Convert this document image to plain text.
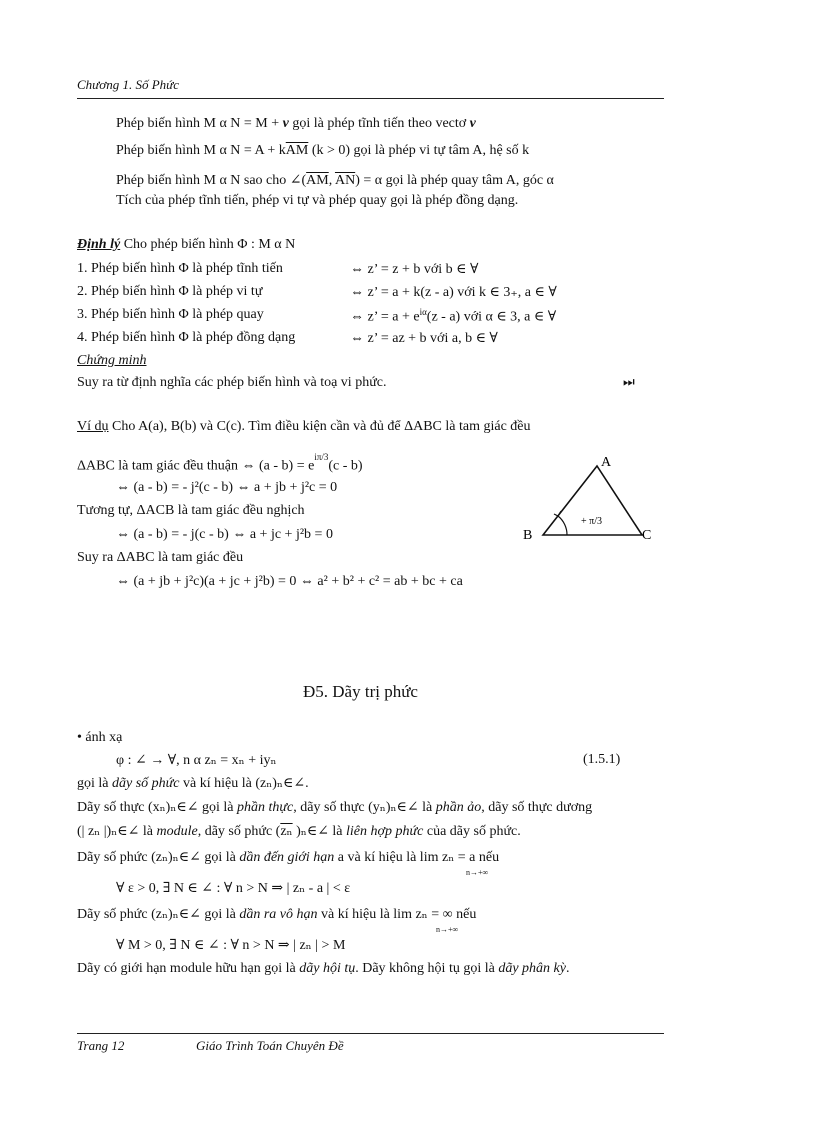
Chương 1. Số Phức
Phép biến hình M α N = M + v gọi là phép tĩnh tiến theo vectơ v
Phép biến hình M α $N = A + k\overline{AM}$ (k > 0) gọi là phép vi tự tâm A, hệ số k
Phép biến hình M α N sao cho $\angle(\overline{AM}$, $\overline{AN}) = \alpha$ gọi là phép quay tâm A, góc α
Tích của phép tĩnh tiến, phép vi tự và phép quay gọi là phép đồng dạng.
Định lý Cho phép biến hình Φ : M α N
1. Phép biến hình Φ là phép tĩnh tiến	⇔ z’ = z + b với b ∈ ∀
2. Phép biến hình Φ là phép vi tự	⇔ z’ = a + k(z - a) với k ∈ 3₊, a ∈ ∀
3. Phép biến hình Φ là phép quay	⇔ z’ = $a + e^{i\alpha}(z - a)$ với α ∈ 3, a ∈ ∀
4. Phép biến hình Φ là phép đồng dạng	⇔ z’ = az + b với a, b ∈ ∀
Chứng minh
Suy ra từ định nghĩa các phép biến hình và toạ vi phức.	⏭
Ví dụ Cho A(a), B(b) và C(c). Tìm điều kiện cần và đủ để ΔABC là tam giác đều
ΔABC là tam giác đều thuận ⇔ $(a - b) = e^{i\pi/3}(c - b)$
⇔ (a - b) = - j²(c - b) ⇔ a + jb + j²c = 0
Tương tự, ΔACB là tam giác đều nghịch
⇔ (a - b) = - j(c - b) ⇔ a + jc + j²b = 0
Suy ra ΔABC là tam giác đều
⇔ (a + jb + j²c)(a + jc + j²b) = 0 ⇔ a² + b² + c² = ab + bc + ca
A
B	C
+ π/3
Đ5. Dãy trị phức
• ánh xạ
φ : ∠ → ∀, n α zₙ = xₙ + iyₙ	(1.5.1)
gọi là dãy số phức và kí hiệu là (zₙ)ₙ∈∠.
Dãy số thực (xₙ)ₙ∈∠ gọi là phần thực, dãy số thực (yₙ)ₙ∈∠ là phần ảo, dãy số thực dương
(| zₙ |)ₙ∈∠ là module, dãy số phức ($\overline{z_n}$ )ₙ∈∠ là liên hợp phức của dãy số phức.
Dãy số phức (zₙ)ₙ∈∠ gọi là dần đến giới hạn a và kí hiệu là lim zₙ = a nếu
n→+∞
∀ ε > 0, ∃ N ∈ ∠ : ∀ n > N ⇒ | zₙ - a | < ε
Dãy số phức (zₙ)ₙ∈∠ gọi là dần ra vô hạn và kí hiệu là lim zₙ = ∞ nếu
n→+∞
∀ M > 0, ∃ N ∈ ∠ : ∀ n > N ⇒ | zₙ | > M
Dãy có giới hạn module hữu hạn gọi là dãy hội tụ. Dãy không hội tụ gọi là dãy phân kỳ.
Trang 12	Giáo Trình Toán Chuyên Đề
